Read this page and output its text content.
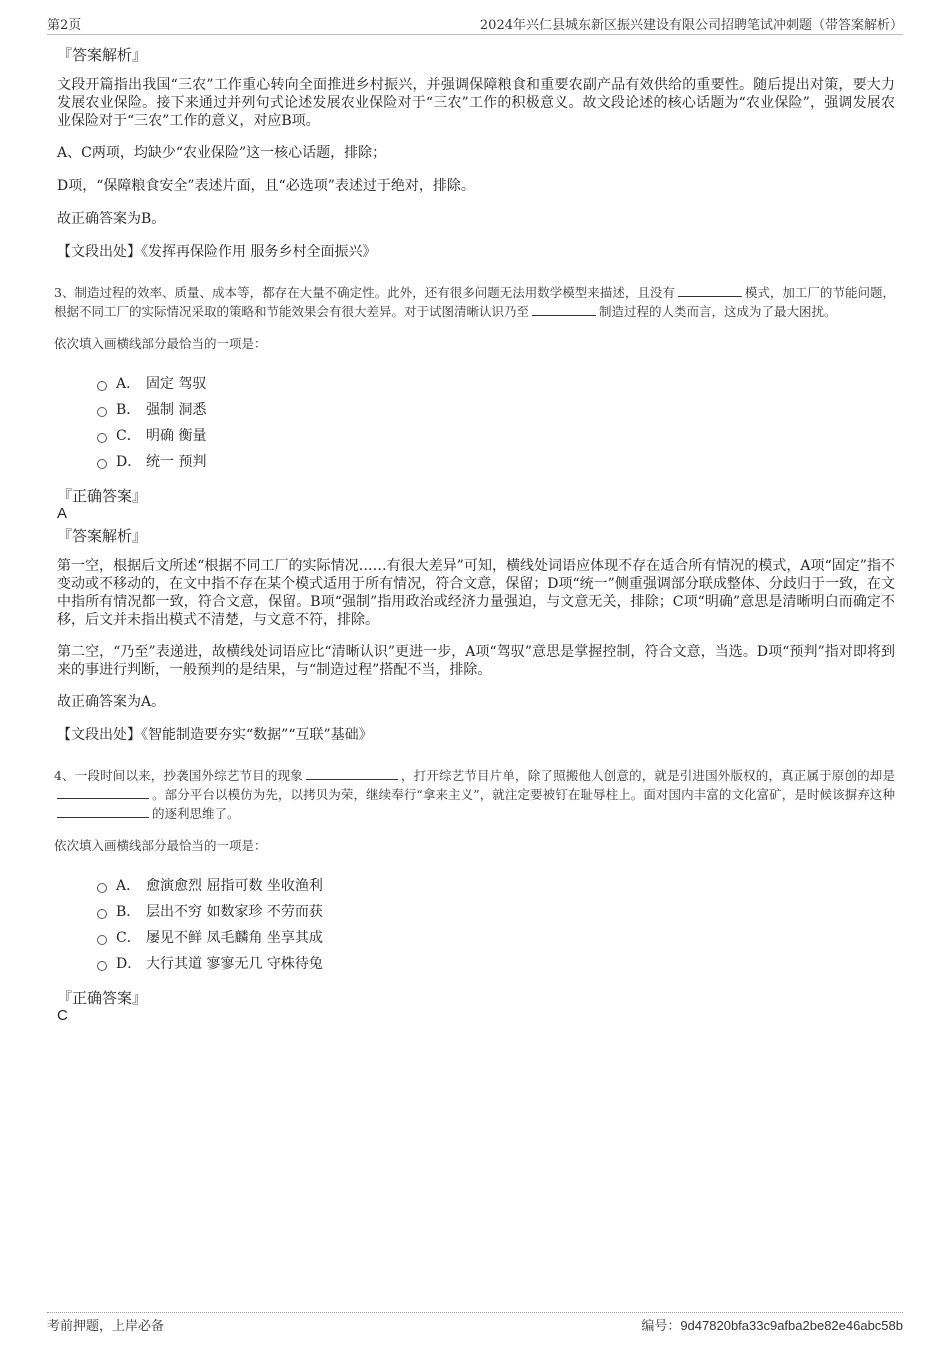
第2页	2024年兴仁县城东新区振兴建设有限公司招聘笔试冲刺题（带答案解析）
『答案解析』
文段开篇指出我国“三农”工作重心转向全面推进乡村振兴，并强调保障粮食和重要农副产品有效供给的重要性。随后提出对策，要大力发展农业保险。接下来通过并列句式论述发展农业保险对于“三农”工作的积极意义。故文段论述的核心话题为“农业保险”，强调发展农业保险对于“三农”工作的意义，对应B项。
A、C两项，均缺少“农业保险”这一核心话题，排除；
D项，“保障粮食安全”表述片面，且“必选项”表述过于绝对，排除。
故正确答案为B。
【文段出处】《发挥再保险作用 服务乡村全面振兴》
3、制造过程的效率、质量、成本等，都存在大量不确定性。此外，还有很多问题无法用数学模型来描述，且没有	模式，加工厂的节能问题，根据不同工厂的实际情况采取的策略和节能效果会有很大差异。对于试图清晰认识乃至	制造过程的人类而言，这成为了最大困扰。
依次填入画横线部分最恰当的一项是：
A． 固定 驾驭
B． 强制 洞悉
C． 明确 衡量
D． 统一 预判
『正确答案』
A
『答案解析』
第一空，根据后文所述“根据不同工厂的实际情况……有很大差异”可知，横线处词语应体现不存在适合所有情况的模式，A项“固定”指不变动或不移动的，在文中指不存在某个模式适用于所有情况，符合文意，保留；D项“统一”侧重强调部分联成整体、分歧归于一致，在文中指所有情况都一致，符合文意，保留。B项“强制”指用政治或经济力量强迫，与文意无关，排除；C项“明确”意思是清晰明白而确定不移，后文并未指出模式不清楚，与文意不符，排除。
第二空，“乃至”表递进，故横线处词语应比“清晰认识”更进一步，A项“驾驭”意思是掌握控制，符合文意，当选。D项“预判”指对即将到来的事进行判断，一般预判的是结果，与“制造过程”搭配不当，排除。
故正确答案为A。
【文段出处】《智能制造要夯实“数据”“互联”基础》
4、一段时间以来，抄袭国外综艺节目的现象	，打开综艺节目片单，除了照搬他人创意的，就是引进国外版权的，真正属于原创的却是。部分平台以模仿为先，以拷贝为荣，继续奉行“拿来主义”，就注定要被钉在耻辱柱上。面对国内丰富的文化富矿，是时候该摒弃这种的逐利思维了。
依次填入画横线部分最恰当的一项是：
A． 愈演愈烈 屈指可数 坐收渔利
B． 层出不穷 如数家珍 不劳而获
C． 屡见不鲜 凤毛麟角 坐享其成
D． 大行其道 寥寥无几 守株待兔
『正确答案』
C
考前押题，上岸必备	编号：9d47820bfa33c9afba2be82e46abc58b
